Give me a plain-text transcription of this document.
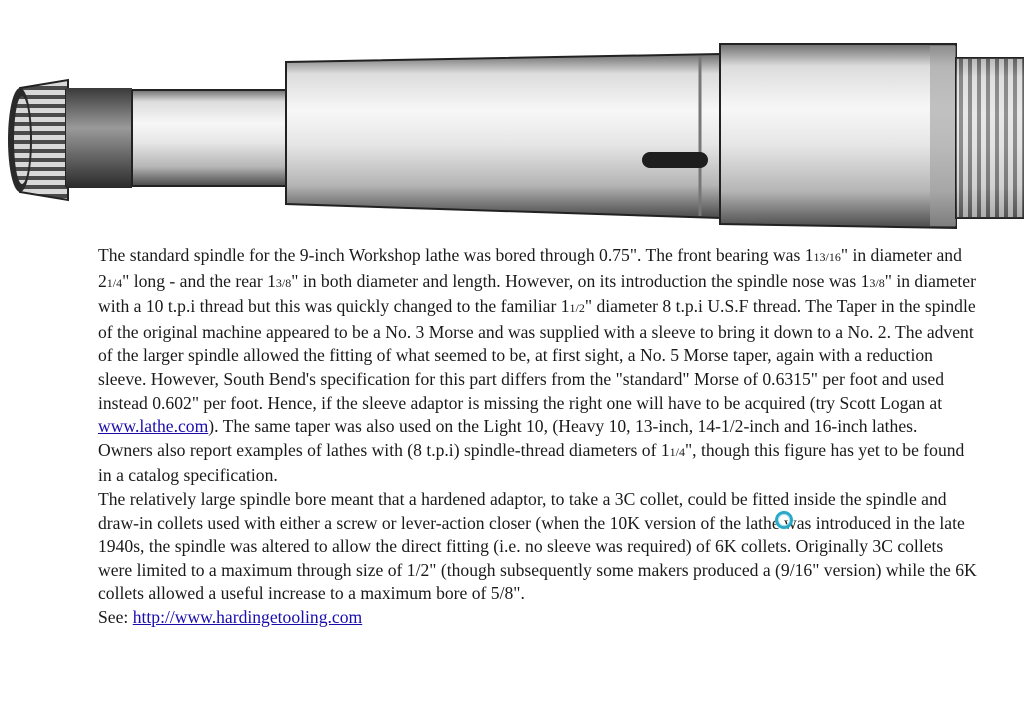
The standard spindle for the 9-inch Workshop lathe was bored through 0.75". The front bearing was 113/16" in diameter and 21/4" long - and the rear 13/8" in both diameter and length. However, on its introduction the spindle nose was 13/8" in diameter with a 10 t.p.i thread but this was quickly changed to the familiar 11/2" diameter 8 t.p.i U.S.F thread. The Taper in the spindle of the original machine appeared to be a No. 3 Morse and was supplied with a sleeve to bring it down to a No. 2. The advent of the larger spindle allowed the fitting of what seemed to be, at first sight, a No. 5 Morse taper, again with a reduction sleeve. However, South Bend's specification for this part differs from the "standard" Morse of 0.6315" per foot and used instead 0.602" per foot. Hence, if the sleeve adaptor is missing the right one will have to be acquired (try Scott Logan at www.lathe.com). The same taper was also used on the Light 10, (Heavy 10, 13-inch, 14-1/2-inch and 16-inch lathes.

Owners also report examples of lathes with (8 t.p.i) spindle-thread diameters of 11/4", though this figure has yet to be found in a catalog specification.

The relatively large spindle bore meant that a hardened adaptor, to take a 3C collet, could be fitted inside the spindle and draw-in collets used with either a screw or lever-action closer (when the 10K version of the lathe was introduced in the late 1940s, the spindle was altered to allow the direct fitting (i.e. no sleeve was required) of 6K collets. Originally 3C collets were limited to a maximum through size of 1/2" (though subsequently some makers produced a (9/16" version) while the 6K collets allowed a useful increase to a maximum bore of 5/8".

See: http://www.hardingetooling.com
